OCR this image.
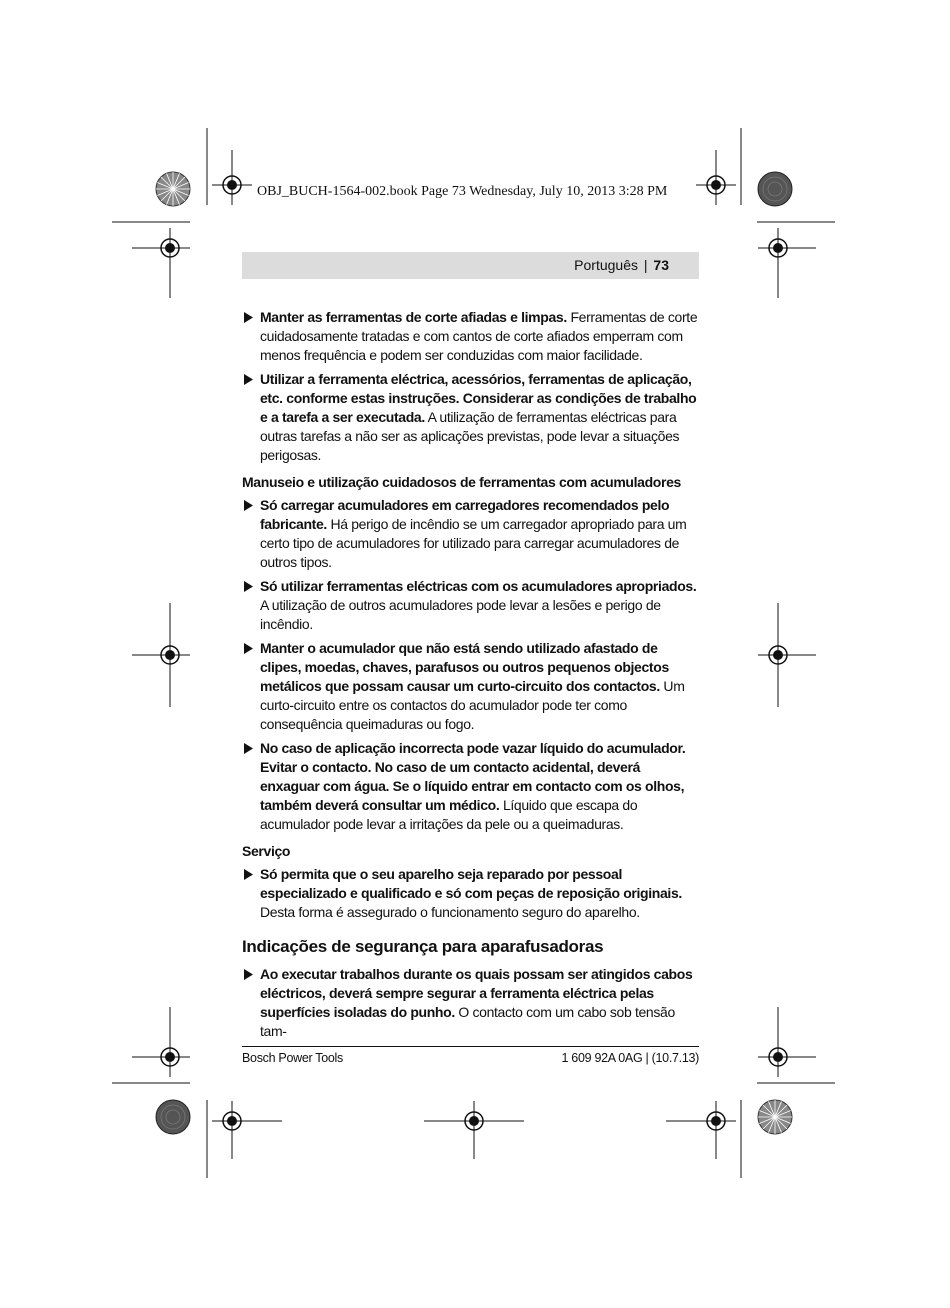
OBJ_BUCH-1564-002.book Page 73 Wednesday, July 10, 2013 3:28 PM
Português | 73

Manter as ferramentas de corte afiadas e limpas. Ferramentas de corte cuidadosamente tratadas e com cantos de corte afiados emperram com menos frequência e podem ser conduzidas com maior facilidade.

Utilizar a ferramenta eléctrica, acessórios, ferramentas de aplicação, etc. conforme estas instruções. Considerar as condições de trabalho e a tarefa a ser executada. A utilização de ferramentas eléctricas para outras tarefas a não ser as aplicações previstas, pode levar a situações perigosas.

Manuseio e utilização cuidadosos de ferramentas com acumuladores

Só carregar acumuladores em carregadores recomendados pelo fabricante. Há perigo de incêndio se um carregador apropriado para um certo tipo de acumuladores for utilizado para carregar acumuladores de outros tipos.

Só utilizar ferramentas eléctricas com os acumuladores apropriados. A utilização de outros acumuladores pode levar a lesões e perigo de incêndio.

Manter o acumulador que não está sendo utilizado afastado de clipes, moedas, chaves, parafusos ou outros pequenos objectos metálicos que possam causar um curto-circuito dos contactos. Um curto-circuito entre os contactos do acumulador pode ter como consequência queimaduras ou fogo.

No caso de aplicação incorrecta pode vazar líquido do acumulador. Evitar o contacto. No caso de um contacto acidental, deverá enxaguar com água. Se o líquido entrar em contacto com os olhos, também deverá consultar um médico. Líquido que escapa do acumulador pode levar a irritações da pele ou a queimaduras.

Serviço

Só permita que o seu aparelho seja reparado por pessoal especializado e qualificado e só com peças de reposição originais. Desta forma é assegurado o funcionamento seguro do aparelho.

Indicações de segurança para aparafusadoras

Ao executar trabalhos durante os quais possam ser atingidos cabos eléctricos, deverá sempre segurar a ferramenta eléctrica pelas superfícies isoladas do punho. O contacto com um cabo sob tensão tam-

Bosch Power Tools	1 609 92A 0AG | (10.7.13)
